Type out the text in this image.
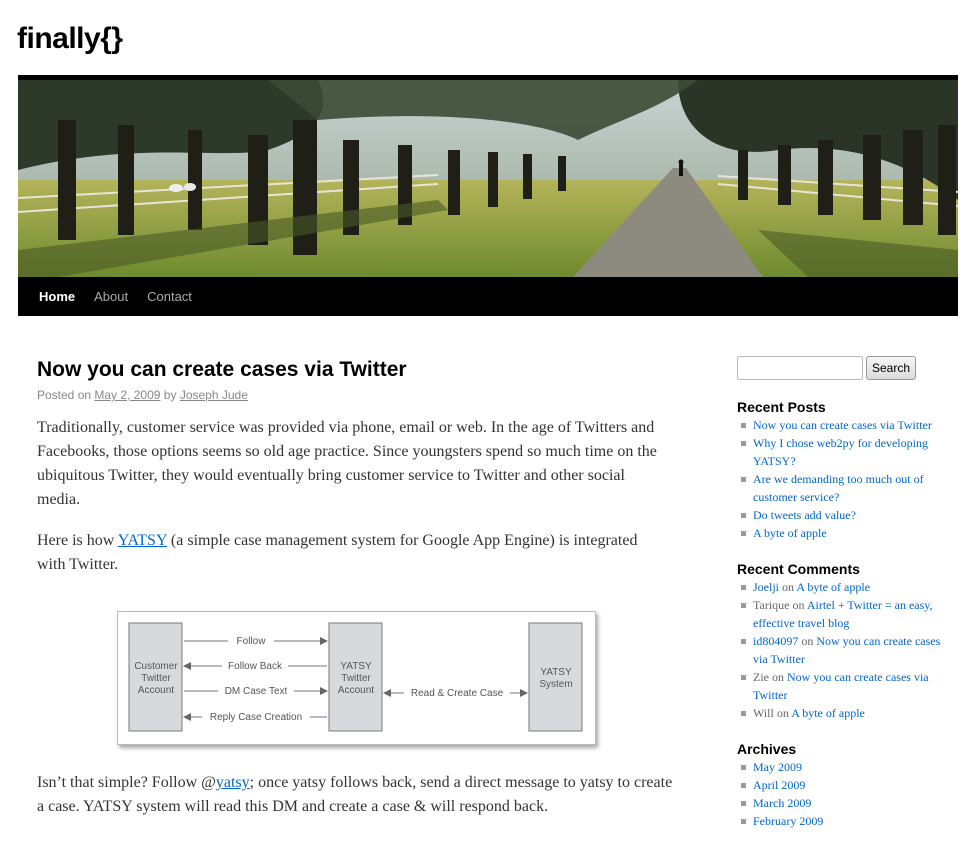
finally{}
Home About Contact
Now you can create cases via Twitter
Posted on May 2, 2009 by Joseph Jude

Traditionally, customer service was provided via phone, email or web. In the age of Twitters and Facebooks, those options seems so old age practice. Since youngsters spend so much time on the ubiquitous Twitter, they would eventually bring customer service to Twitter and other social media.

Here is how YATSY (a simple case management system for Google App Engine) is integrated with Twitter.

Customer
Twitter
Account
YATSY
Twitter
Account
YATSY
System
Follow
Follow Back
DM Case Text
Reply Case Creation
Read & Create Case

Isn’t that simple? Follow @yatsy; once yatsy follows back, send a direct message to yatsy to create a case. YATSY system will read this DM and create a case & will respond back.

Search
Recent Posts
Now you can create cases via Twitter
Why I chose web2py for developing YATSY?
Are we demanding too much out of customer service?
Do tweets add value?
A byte of apple
Recent Comments
Joelji on A byte of apple
Tarique on Airtel + Twitter = an easy, effective travel blog
id804097 on Now you can create cases via Twitter
Zie on Now you can create cases via Twitter
Will on A byte of apple
Archives
May 2009
April 2009
March 2009
February 2009
